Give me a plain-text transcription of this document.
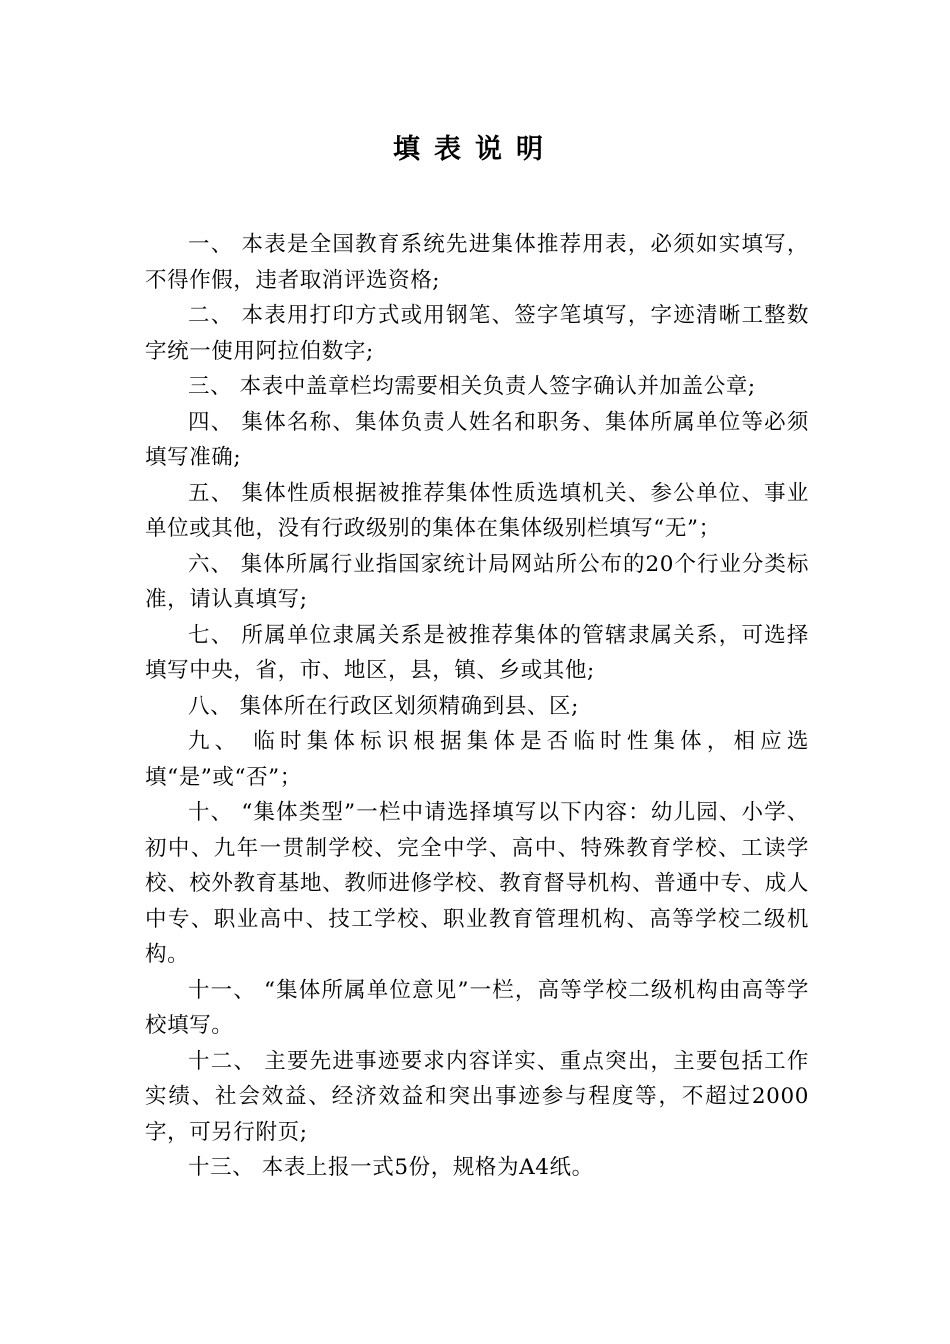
填表说明

一、 本表是全国教育系统先进集体推荐用表，必须如实填写，不得作假，违者取消评选资格;

二、 本表用打印方式或用钢笔、签字笔填写，字迹清晰工整数字统一使用阿拉伯数字;

三、 本表中盖章栏均需要相关负责人签字确认并加盖公章;

四、 集体名称、集体负责人姓名和职务、集体所属单位等必须填写准确;

五、 集体性质根据被推荐集体性质选填机关、参公单位、事业单位或其他，没有行政级别的集体在集体级别栏填写“无”；

六、 集体所属行业指国家统计局网站所公布的20个行业分类标准，请认真填写;

七、 所属单位隶属关系是被推荐集体的管辖隶属关系，可选择填写中央，省，市、地区，县，镇、乡或其他;

八、 集体所在行政区划须精确到县、区;

九、 临时集体标识根据集体是否临时性集体，相应选填“是”或“否”；

十、 “集体类型”一栏中请选择填写以下内容：幼儿园、小学、初中、九年一贯制学校、完全中学、高中、特殊教育学校、工读学校、校外教育基地、教师进修学校、教育督导机构、普通中专、成人中专、职业高中、技工学校、职业教育管理机构、高等学校二级机构。

十一、 “集体所属单位意见”一栏，高等学校二级机构由高等学校填写。

十二、 主要先进事迹要求内容详实、重点突出，主要包括工作实绩、社会效益、经济效益和突出事迹参与程度等，不超过2000字，可另行附页;

十三、 本表上报一式5份，规格为A4纸。
